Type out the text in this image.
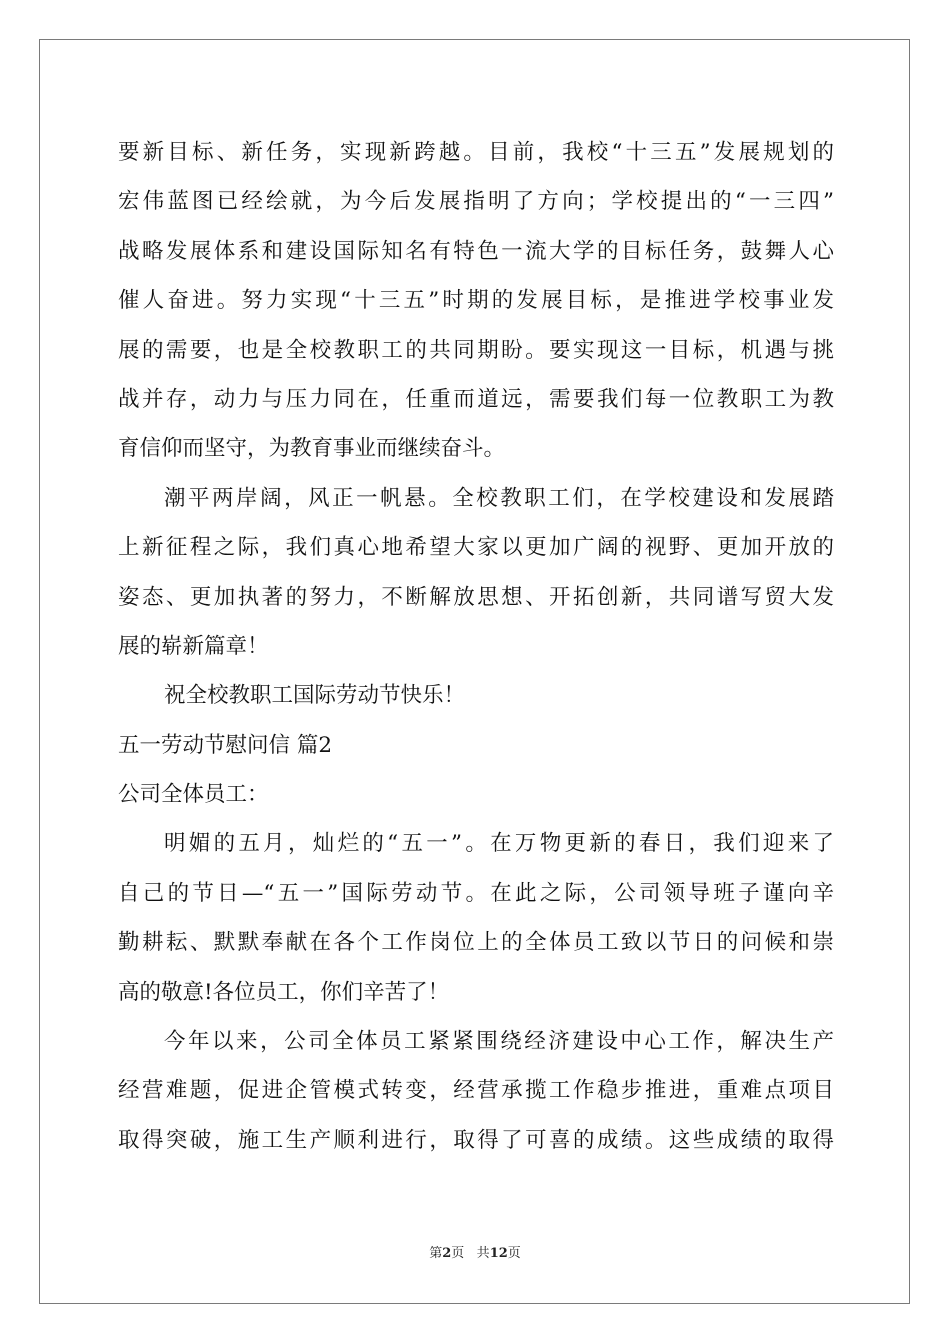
要新目标、新任务，实现新跨越。目前，我校“十三五”发展规划的
宏伟蓝图已经绘就，为今后发展指明了方向；学校提出的“一三四”
战略发展体系和建设国际知名有特色一流大学的目标任务，鼓舞人心
催人奋进。努力实现“十三五”时期的发展目标，是推进学校事业发
展的需要，也是全校教职工的共同期盼。要实现这一目标，机遇与挑
战并存，动力与压力同在，任重而道远，需要我们每一位教职工为教
育信仰而坚守，为教育事业而继续奋斗。
潮平两岸阔，风正一帆悬。全校教职工们，在学校建设和发展踏
上新征程之际，我们真心地希望大家以更加广阔的视野、更加开放的
姿态、更加执著的努力，不断解放思想、开拓创新，共同谱写贸大发
展的崭新篇章！
祝全校教职工国际劳动节快乐！
五一劳动节慰问信 篇2
公司全体员工：
明媚的五月，灿烂的“五一”。在万物更新的春日，我们迎来了
自己的节日—“五一”国际劳动节。在此之际，公司领导班子谨向辛
勤耕耘、默默奉献在各个工作岗位上的全体员工致以节日的问候和崇
高的敬意!各位员工，你们辛苦了！
今年以来，公司全体员工紧紧围绕经济建设中心工作，解决生产
经营难题，促进企管模式转变，经营承揽工作稳步推进，重难点项目
取得突破，施工生产顺利进行，取得了可喜的成绩。这些成绩的取得
第2页 共12页
